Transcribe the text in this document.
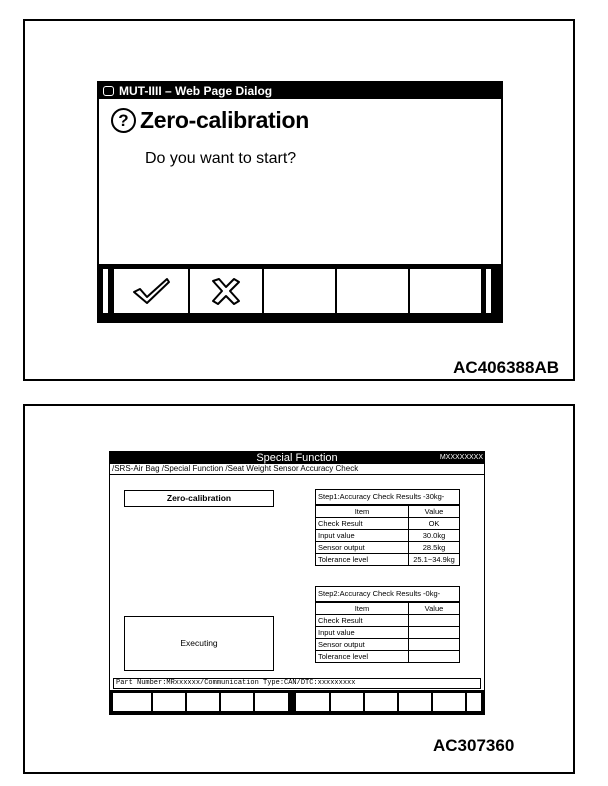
MUT-IIII – Web Page Dialog
? Zero-calibration
Do you want to start?
AC406388AB
Special Function	MXXXXXXXX
/SRS-Air Bag /Special Function /Seat Weight Sensor Accuracy Check
Zero-calibration	Step1:Accuracy Check Results -30kg-
Item	Value
Check Result	OK
Input value	30.0kg
Sensor output	28.5kg
Tolerance level	25.1~34.9kg
Step2:Accuracy Check Results -0kg-
Item	Value
Check Result	
Input value	
Sensor output	
Tolerance level	
Executing
Part Number:MRxxxxxx/Communication Type:CAN/DTC:xxxxxxxxx
AC307360
